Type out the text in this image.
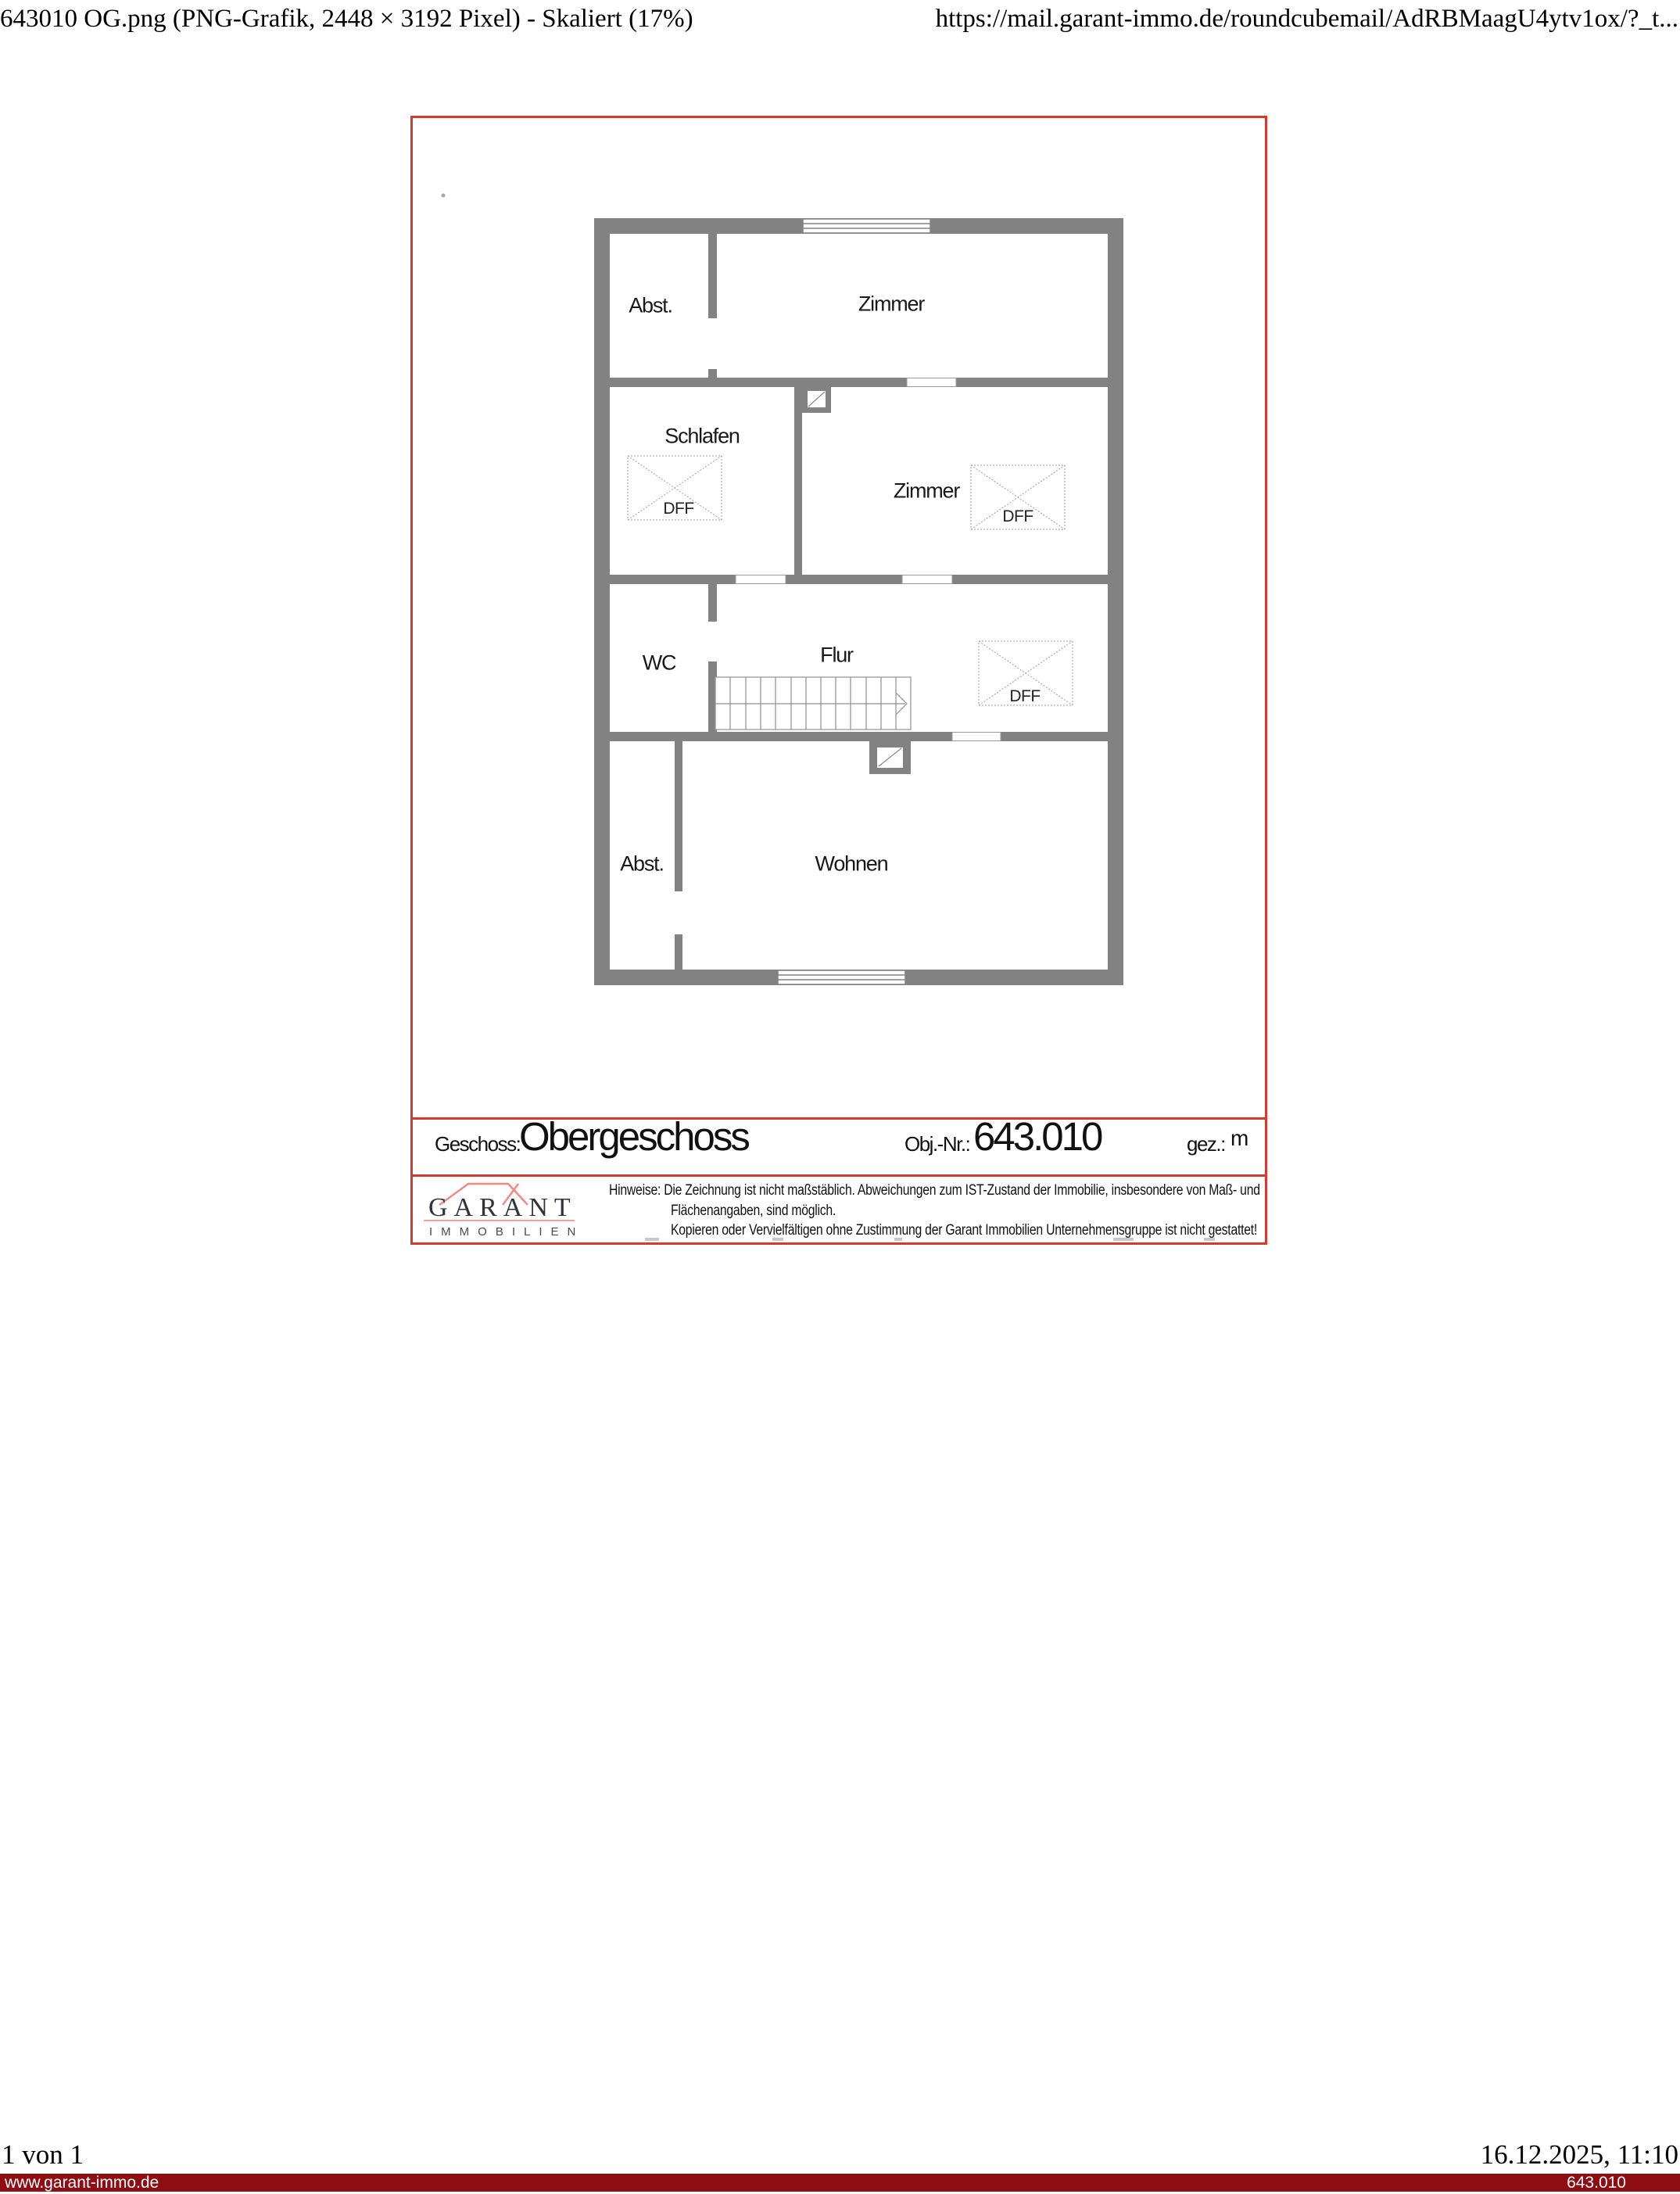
643010 OG.png (PNG-Grafik, 2448 × 3192 Pixel) - Skaliert (17%)	https://mail.garant-immo.de/roundcubemail/AdRBMaagU4ytv1ox/?_t...
Abst.	Zimmer
Schlafen
Zimmer
WC	Flur
Abst.	Wohnen
DFF	DFF
DFF
Geschoss:
Obergeschoss	Obj.-Nr.: 643.010	gez.: m
GARANT
IMMOBILIEN
Hinweise: Die Zeichnung ist nicht maßstäblich. Abweichungen zum IST-Zustand der Immobilie, insbesondere von Maß- und
Flächenangaben, sind möglich.
Kopieren oder Vervielfältigen ohne Zustimmung der Garant Immobilien Unternehmensgruppe ist nicht gestattet!
1 von 1	16.12.2025, 11:10
www.garant-immo.de	643.010
